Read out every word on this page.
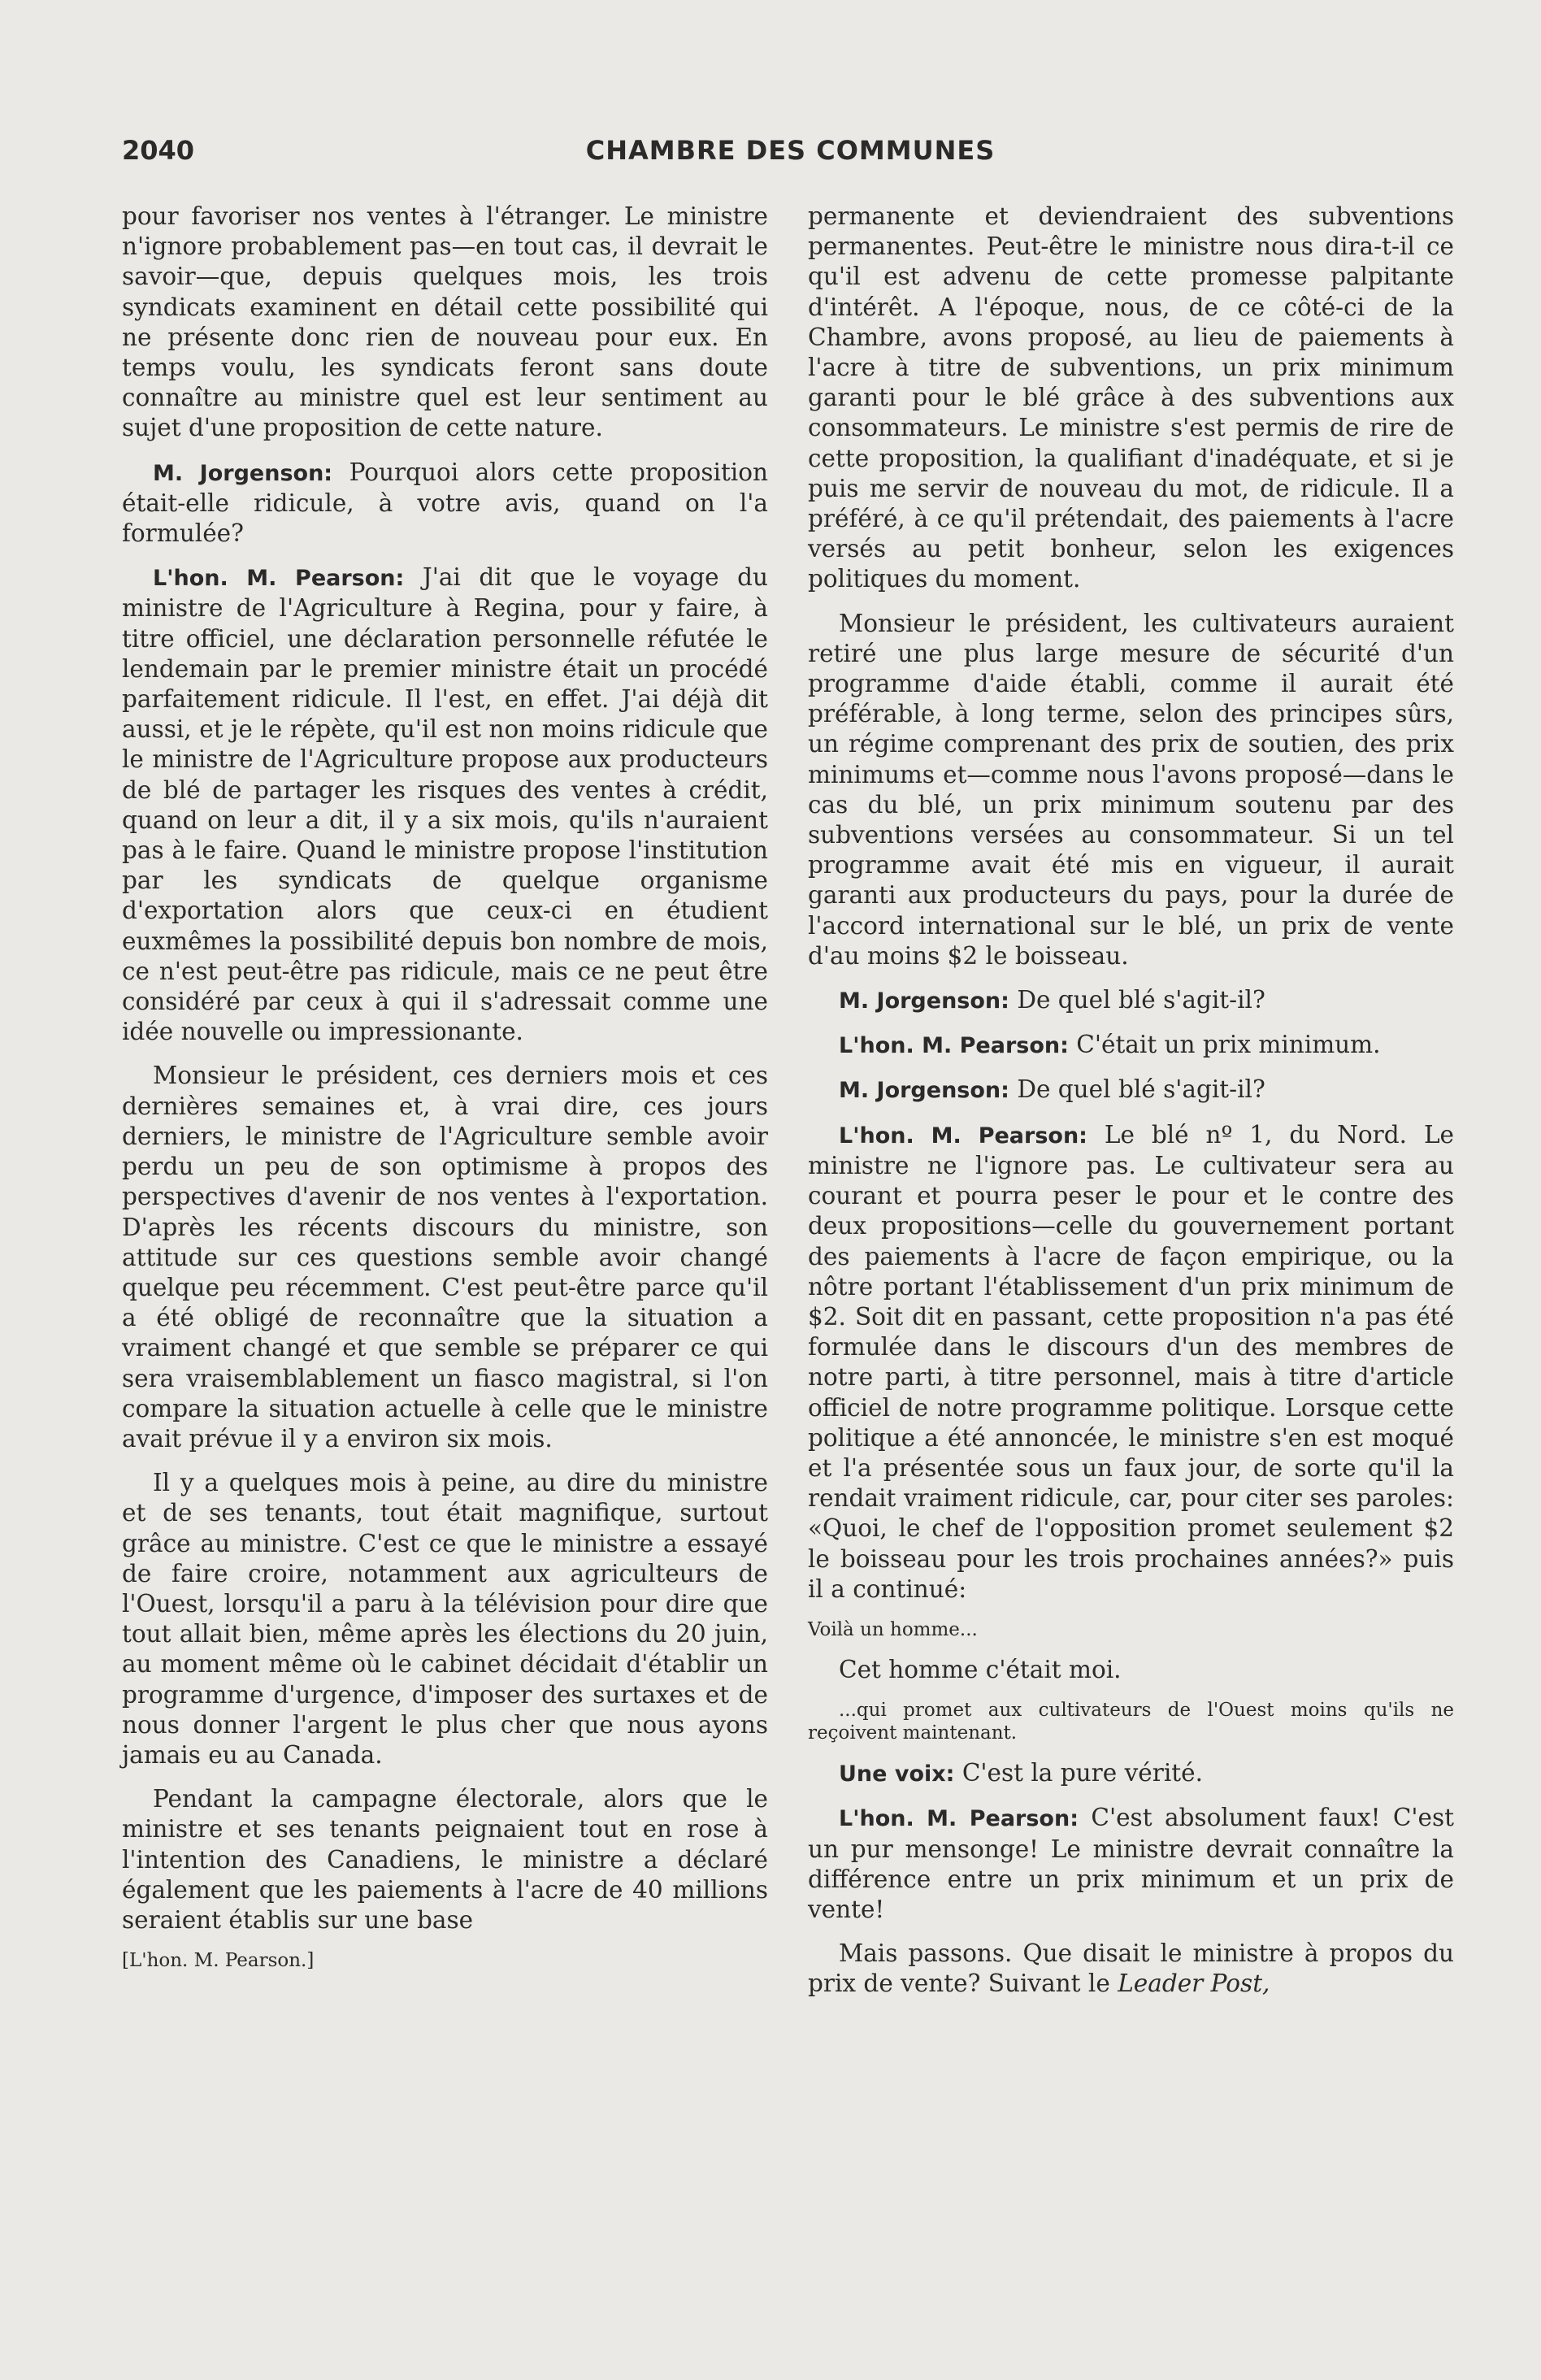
2040	CHAMBRE DES COMMUNES

pour favoriser nos ventes à l'étranger. Le ministre n'ignore probablement pas—en tout cas, il devrait le savoir—que, depuis quelques mois, les trois syndicats examinent en détail cette possibilité qui ne présente donc rien de nouveau pour eux. En temps voulu, les syndicats feront sans doute connaître au ministre quel est leur sentiment au sujet d'une proposition de cette nature.

M. Jorgenson: Pourquoi alors cette proposition était-elle ridicule, à votre avis, quand on l'a formulée?

L'hon. M. Pearson: J'ai dit que le voyage du ministre de l'Agriculture à Regina, pour y faire, à titre officiel, une déclaration personnelle réfutée le lendemain par le premier ministre était un procédé parfaitement ridicule. Il l'est, en effet. J'ai déjà dit aussi, et je le répète, qu'il est non moins ridicule que le ministre de l'Agriculture propose aux producteurs de blé de partager les risques des ventes à crédit, quand on leur a dit, il y a six mois, qu'ils n'auraient pas à le faire. Quand le ministre propose l'institution par les syndicats de quelque organisme d'exportation alors que ceux-ci en étudient euxmêmes la possibilité depuis bon nombre de mois, ce n'est peut-être pas ridicule, mais ce ne peut être considéré par ceux à qui il s'adressait comme une idée nouvelle ou impressionante.

Monsieur le président, ces derniers mois et ces dernières semaines et, à vrai dire, ces jours derniers, le ministre de l'Agriculture semble avoir perdu un peu de son optimisme à propos des perspectives d'avenir de nos ventes à l'exportation. D'après les récents discours du ministre, son attitude sur ces questions semble avoir changé quelque peu récemment. C'est peut-être parce qu'il a été obligé de reconnaître que la situation a vraiment changé et que semble se préparer ce qui sera vraisemblablement un fiasco magistral, si l'on compare la situation actuelle à celle que le ministre avait prévue il y a environ six mois.

Il y a quelques mois à peine, au dire du ministre et de ses tenants, tout était magnifique, surtout grâce au ministre. C'est ce que le ministre a essayé de faire croire, notamment aux agriculteurs de l'Ouest, lorsqu'il a paru à la télévision pour dire que tout allait bien, même après les élections du 20 juin, au moment même où le cabinet décidait d'établir un programme d'urgence, d'imposer des surtaxes et de nous donner l'argent le plus cher que nous ayons jamais eu au Canada.

Pendant la campagne électorale, alors que le ministre et ses tenants peignaient tout en rose à l'intention des Canadiens, le ministre a déclaré également que les paiements à l'acre de 40 millions seraient établis sur une base

[L'hon. M. Pearson.]

permanente et deviendraient des subventions permanentes. Peut-être le ministre nous dira-t-il ce qu'il est advenu de cette promesse palpitante d'intérêt. A l'époque, nous, de ce côté-ci de la Chambre, avons proposé, au lieu de paiements à l'acre à titre de subventions, un prix minimum garanti pour le blé grâce à des subventions aux consommateurs. Le ministre s'est permis de rire de cette proposition, la qualifiant d'inadéquate, et si je puis me servir de nouveau du mot, de ridicule. Il a préféré, à ce qu'il prétendait, des paiements à l'acre versés au petit bonheur, selon les exigences politiques du moment.

Monsieur le président, les cultivateurs auraient retiré une plus large mesure de sécurité d'un programme d'aide établi, comme il aurait été préférable, à long terme, selon des principes sûrs, un régime comprenant des prix de soutien, des prix minimums et—comme nous l'avons proposé—dans le cas du blé, un prix minimum soutenu par des subventions versées au consommateur. Si un tel programme avait été mis en vigueur, il aurait garanti aux producteurs du pays, pour la durée de l'accord international sur le blé, un prix de vente d'au moins $2 le boisseau.

M. Jorgenson: De quel blé s'agit-il?

L'hon. M. Pearson: C'était un prix minimum.

M. Jorgenson: De quel blé s'agit-il?

L'hon. M. Pearson: Le blé nº 1, du Nord. Le ministre ne l'ignore pas. Le cultivateur sera au courant et pourra peser le pour et le contre des deux propositions—celle du gouvernement portant des paiements à l'acre de façon empirique, ou la nôtre portant l'établissement d'un prix minimum de $2. Soit dit en passant, cette proposition n'a pas été formulée dans le discours d'un des membres de notre parti, à titre personnel, mais à titre d'article officiel de notre programme politique. Lorsque cette politique a été annoncée, le ministre s'en est moqué et l'a présentée sous un faux jour, de sorte qu'il la rendait vraiment ridicule, car, pour citer ses paroles: «Quoi, le chef de l'opposition promet seulement $2 le boisseau pour les trois prochaines années?» puis il a continué:

Voilà un homme...

Cet homme c'était moi.

...qui promet aux cultivateurs de l'Ouest moins qu'ils ne reçoivent maintenant.

Une voix: C'est la pure vérité.

L'hon. M. Pearson: C'est absolument faux! C'est un pur mensonge! Le ministre devrait connaître la différence entre un prix minimum et un prix de vente!

Mais passons. Que disait le ministre à propos du prix de vente? Suivant le Leader Post,
